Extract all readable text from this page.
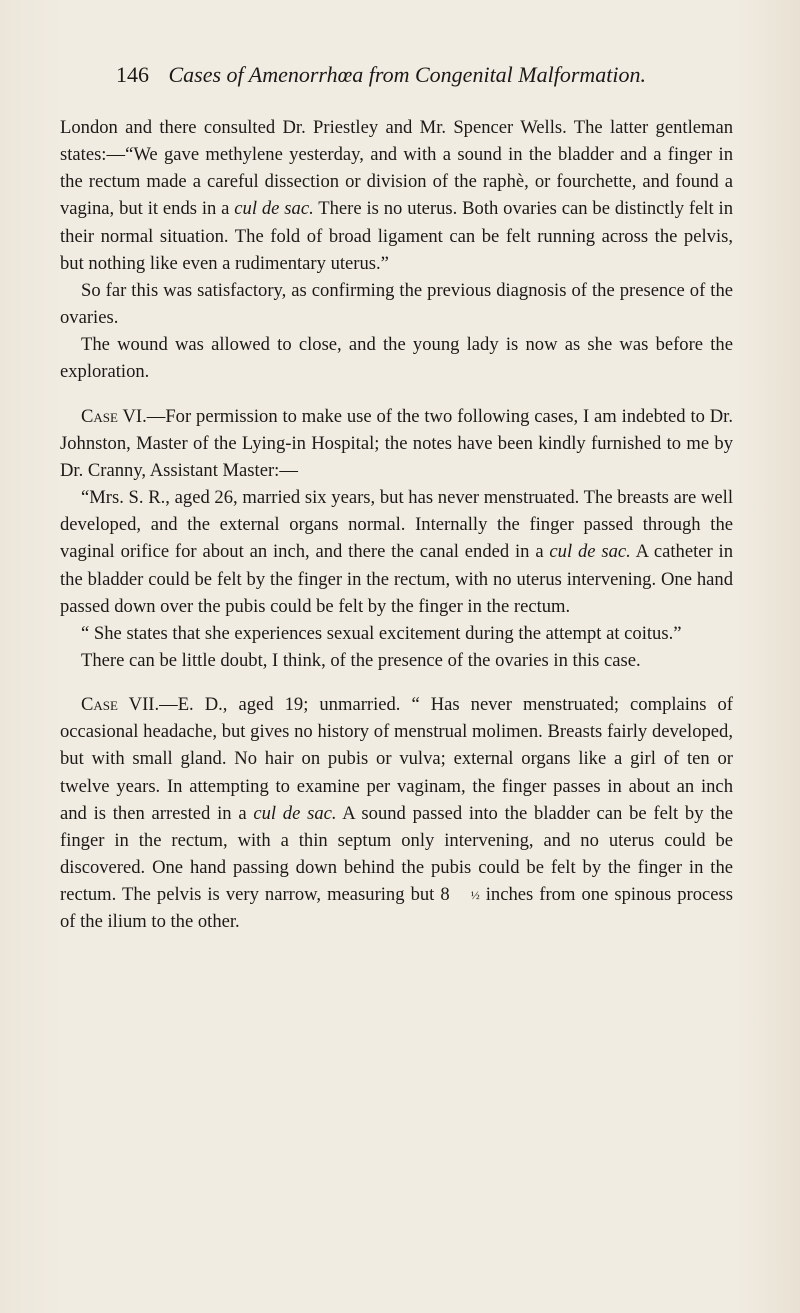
146 Cases of Amenorrhœa from Congenital Malformation.

London and there consulted Dr. Priestley and Mr. Spencer Wells. The latter gentleman states:—“We gave methylene yesterday, and with a sound in the bladder and a finger in the rectum made a careful dissection or division of the raphè, or fourchette, and found a vagina, but it ends in a cul de sac. There is no uterus. Both ovaries can be distinctly felt in their normal situation. The fold of broad ligament can be felt running across the pelvis, but nothing like even a rudimentary uterus.”

So far this was satisfactory, as confirming the previous diagnosis of the presence of the ovaries.

The wound was allowed to close, and the young lady is now as she was before the exploration.

Case VI.—For permission to make use of the two following cases, I am indebted to Dr. Johnston, Master of the Lying-in Hospital; the notes have been kindly furnished to me by Dr. Cranny, Assistant Master:—

“Mrs. S. R., aged 26, married six years, but has never menstruated. The breasts are well developed, and the external organs normal. Internally the finger passed through the vaginal orifice for about an inch, and there the canal ended in a cul de sac. A catheter in the bladder could be felt by the finger in the rectum, with no uterus intervening. One hand passed down over the pubis could be felt by the finger in the rectum.

“ She states that she experiences sexual excitement during the attempt at coitus.”

There can be little doubt, I think, of the presence of the ovaries in this case.

Case VII.—E. D., aged 19; unmarried. “ Has never menstruated; complains of occasional headache, but gives no history of menstrual molimen. Breasts fairly developed, but with small gland. No hair on pubis or vulva; external organs like a girl of ten or twelve years. In attempting to examine per vaginam, the finger passes in about an inch and is then arrested in a cul de sac. A sound passed into the bladder can be felt by the finger in the rectum, with a thin septum only intervening, and no uterus could be discovered. One hand passing down behind the pubis could be felt by the finger in the rectum. The pelvis is very narrow, measuring but 8 ½ inches from one spinous process of the ilium to the other.
